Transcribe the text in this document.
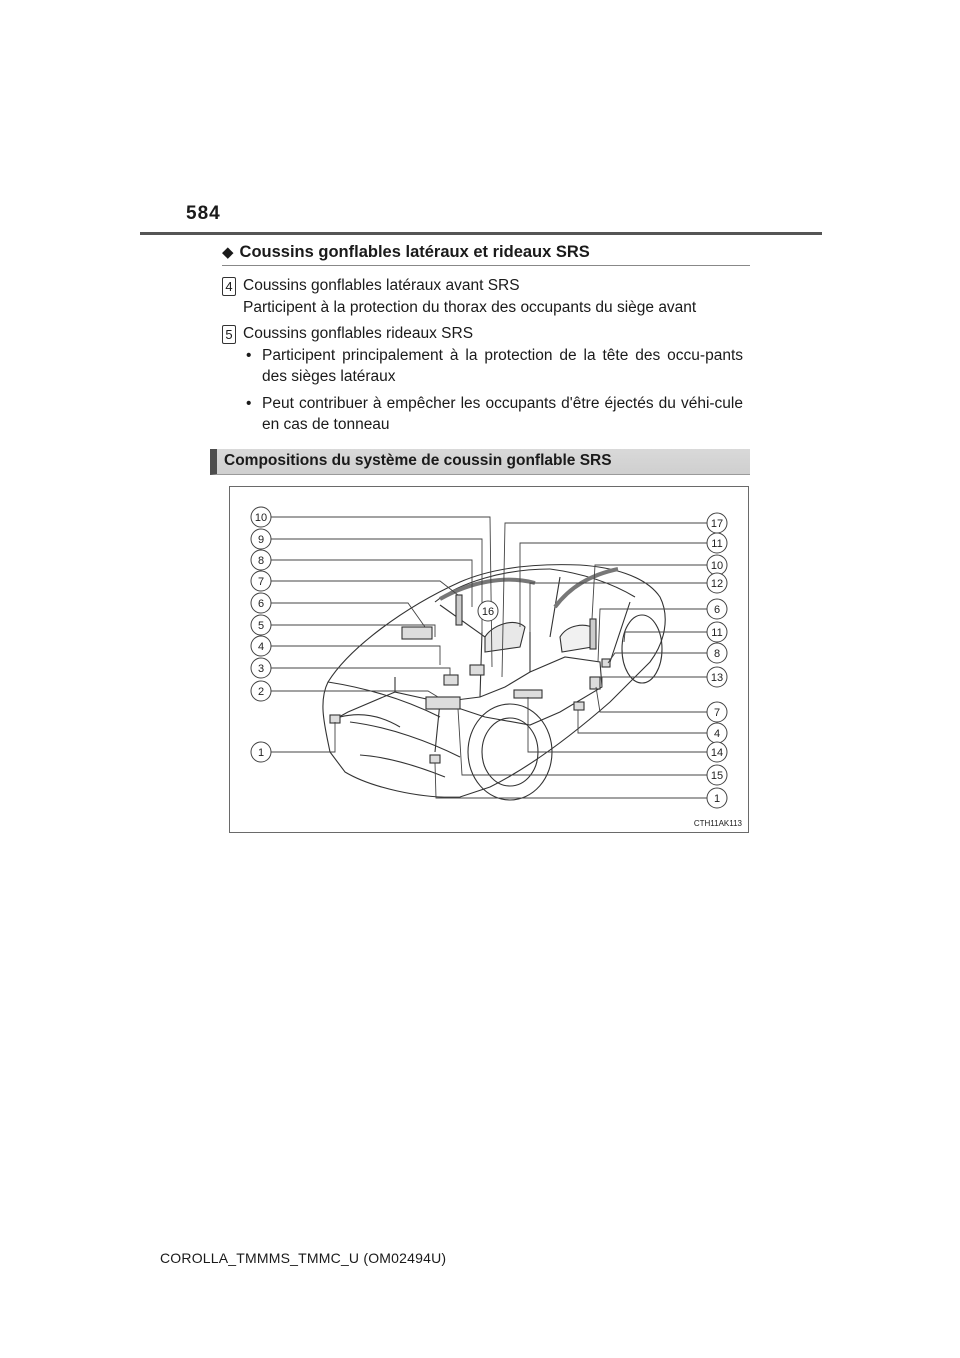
584
◆ Coussins gonflables latéraux et rideaux SRS
4 Coussins gonflables latéraux avant SRS
Participent à la protection du thorax des occupants du siège avant
5 Coussins gonflables rideaux SRS
• Participent principalement à la protection de la tête des occu-pants des sièges latéraux
• Peut contribuer à empêcher les occupants d'être éjectés du véhi-cule en cas de tonneau
Compositions du système de coussin gonflable SRS
10
9
8
7
6
5
4
3
2
1
17
11
10
12
6
11
8
13
7
4
14
15
1
16
CTH11AK113
COROLLA_TMMMS_TMMC_U (OM02494U)
